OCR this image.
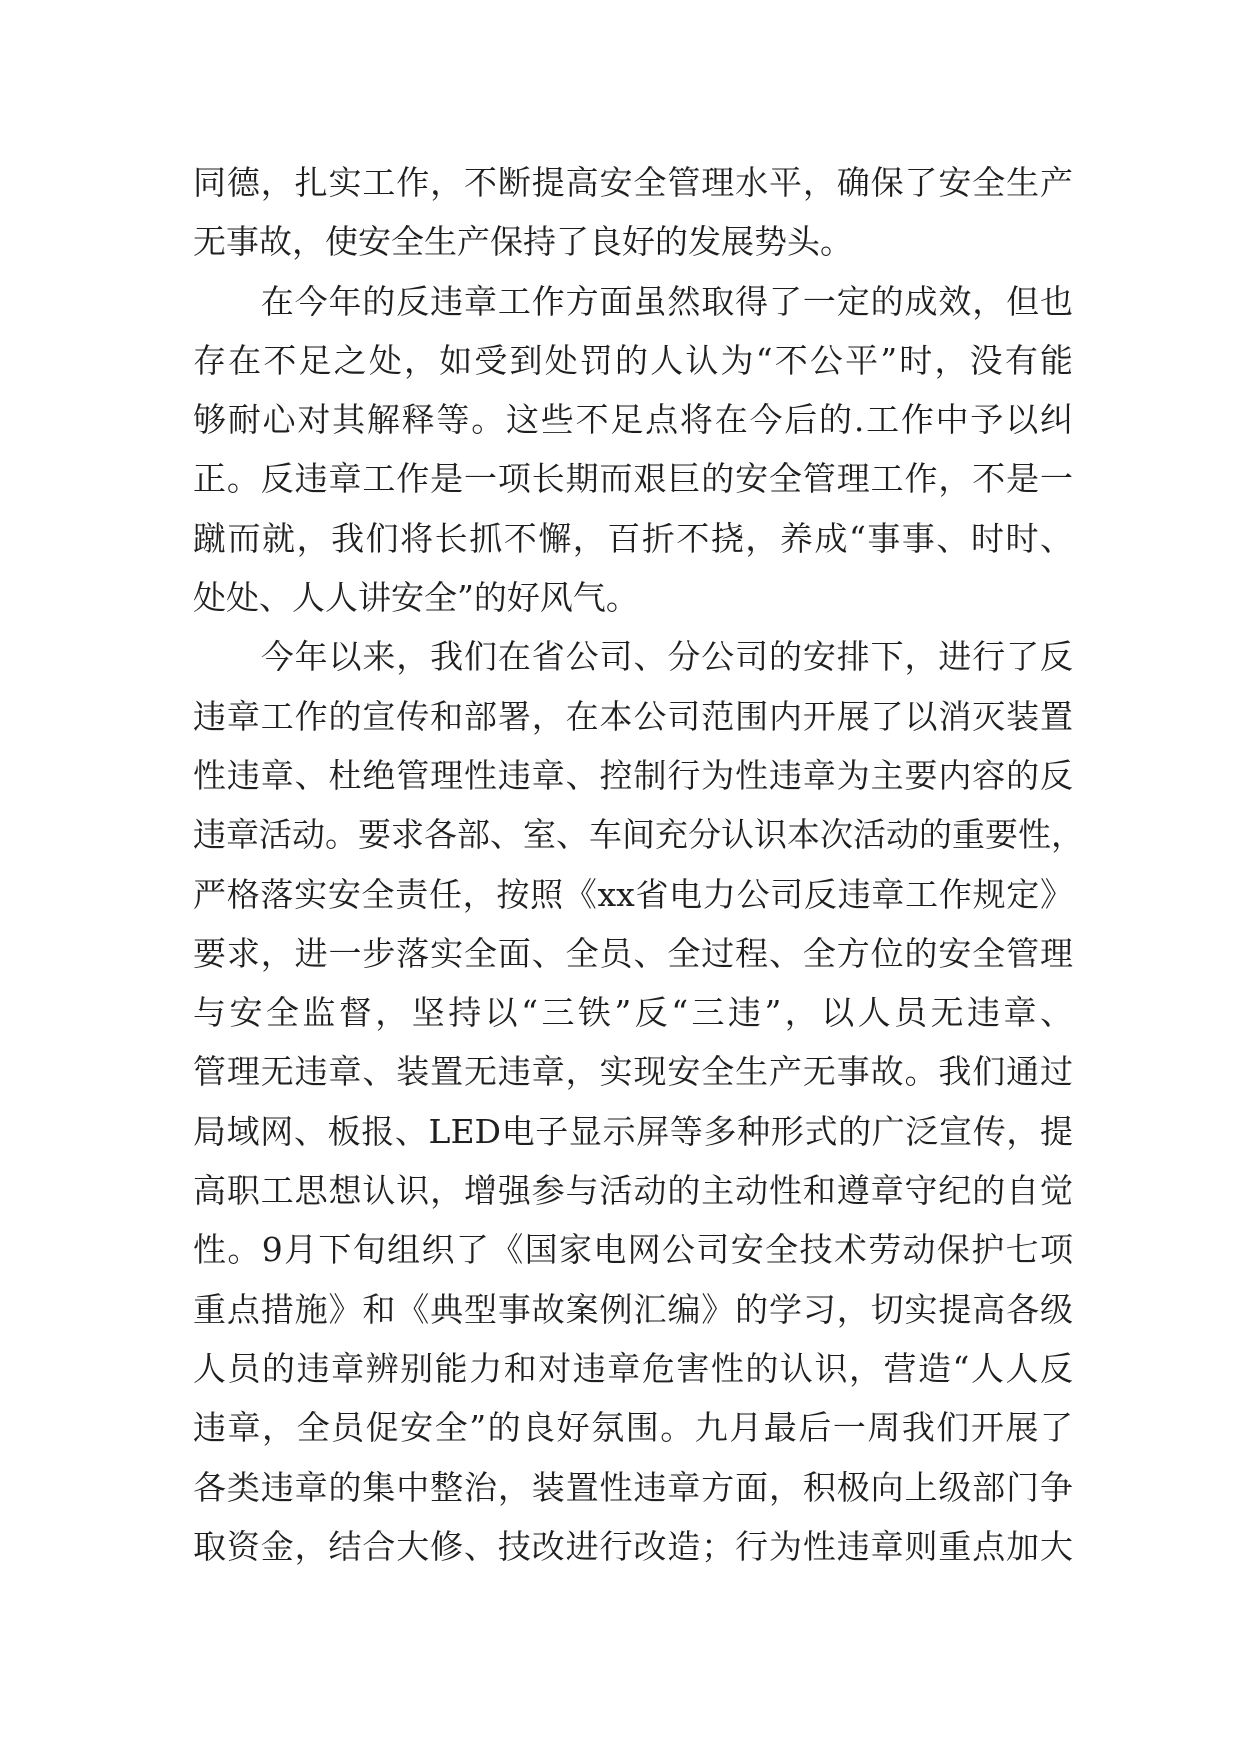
同德，扎实工作，不断提高安全管理水平，确保了安全生产
无事故，使安全生产保持了良好的发展势头。
　　在今年的反违章工作方面虽然取得了一定的成效，但也
存在不足之处，如受到处罚的人认为“不公平”时，没有能
够耐心对其解释等。这些不足点将在今后的.工作中予以纠
正。反违章工作是一项长期而艰巨的安全管理工作，不是一
蹴而就，我们将长抓不懈，百折不挠，养成“事事、时时、
处处、人人讲安全”的好风气。
　　今年以来，我们在省公司、分公司的安排下，进行了反
违章工作的宣传和部署，在本公司范围内开展了以消灭装置
性违章、杜绝管理性违章、控制行为性违章为主要内容的反
违章活动。要求各部、室、车间充分认识本次活动的重要性，
严格落实安全责任，按照《xx省电力公司反违章工作规定》
要求，进一步落实全面、全员、全过程、全方位的安全管理
与安全监督，坚持以“三铁”反“三违”，以人员无违章、
管理无违章、装置无违章，实现安全生产无事故。我们通过
局域网、板报、LED电子显示屏等多种形式的广泛宣传，提
高职工思想认识，增强参与活动的主动性和遵章守纪的自觉
性。9月下旬组织了《国家电网公司安全技术劳动保护七项
重点措施》和《典型事故案例汇编》的学习，切实提高各级
人员的违章辨别能力和对违章危害性的认识，营造“人人反
违章，全员促安全”的良好氛围。九月最后一周我们开展了
各类违章的集中整治，装置性违章方面，积极向上级部门争
取资金，结合大修、技改进行改造；行为性违章则重点加大
